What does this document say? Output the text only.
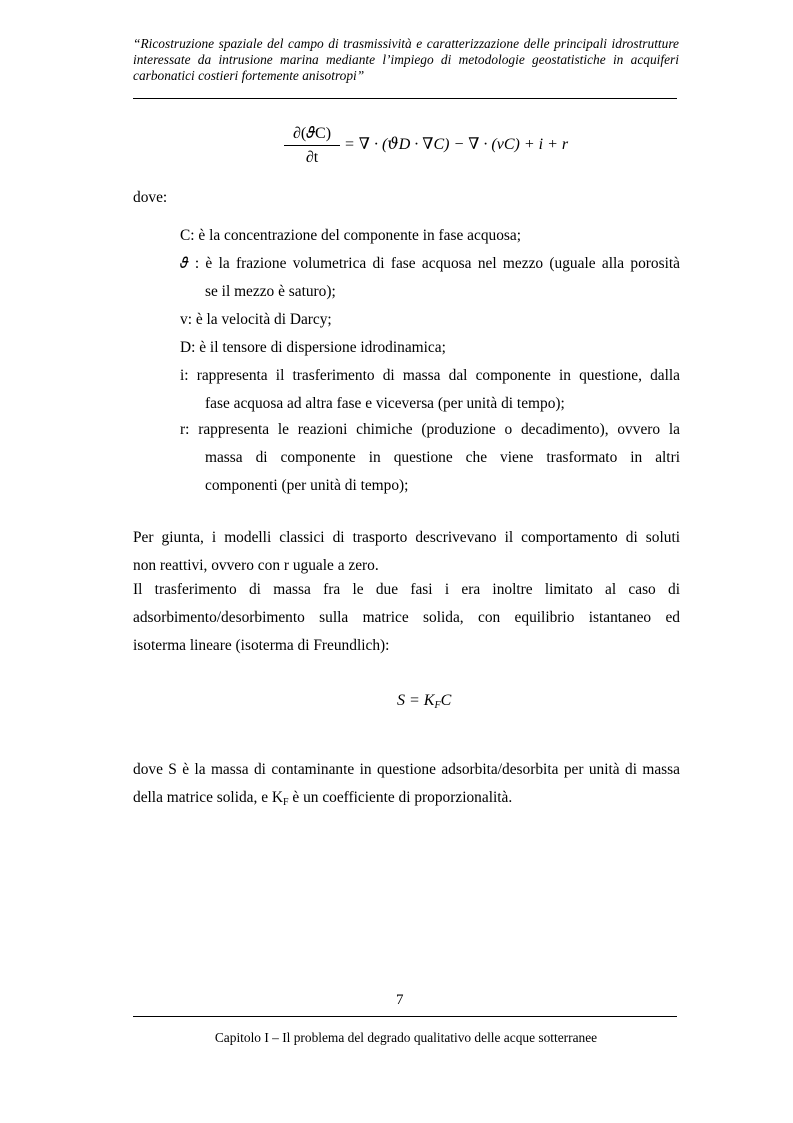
“Ricostruzione spaziale del campo di trasmissività e caratterizzazione delle principali idrostrutture
interessate da intrusione marina mediante l’impiego di metodologie geostatistiche in acquiferi
carbonatici costieri fortemente anisotropi”
∂(𝜗C)
∂t
= ∇ · (𝜗D · ∇C) − ∇ · (vC) + i + r
dove:
C: è la concentrazione del componente in fase acquosa;
𝜗 : è la frazione volumetrica di fase acquosa nel mezzo (uguale alla porosità
se il mezzo è saturo);
v: è la velocità di Darcy;
D: è il tensore di dispersione idrodinamica;
i: rappresenta il trasferimento di massa dal componente in questione, dalla
fase acquosa ad altra fase e viceversa (per unità di tempo);
r: rappresenta le reazioni chimiche (produzione o decadimento), ovvero la
massa di componente in questione che viene trasformato in altri
componenti (per unità di tempo);
Per giunta, i modelli classici di trasporto descrivevano il comportamento di soluti
non reattivi, ovvero con r uguale a zero.
Il trasferimento di massa fra le due fasi i era inoltre limitato al caso di
adsorbimento/desorbimento sulla matrice solida, con equilibrio istantaneo ed
isoterma lineare (isoterma di Freundlich):
$S = K_FC$
dove S è la massa di contaminante in questione adsorbita/desorbita per unità di massa
della matrice solida, e $K_F$ è un coefficiente di proporzionalità.
7
Capitolo I – Il problema del degrado qualitativo delle acque sotterranee
